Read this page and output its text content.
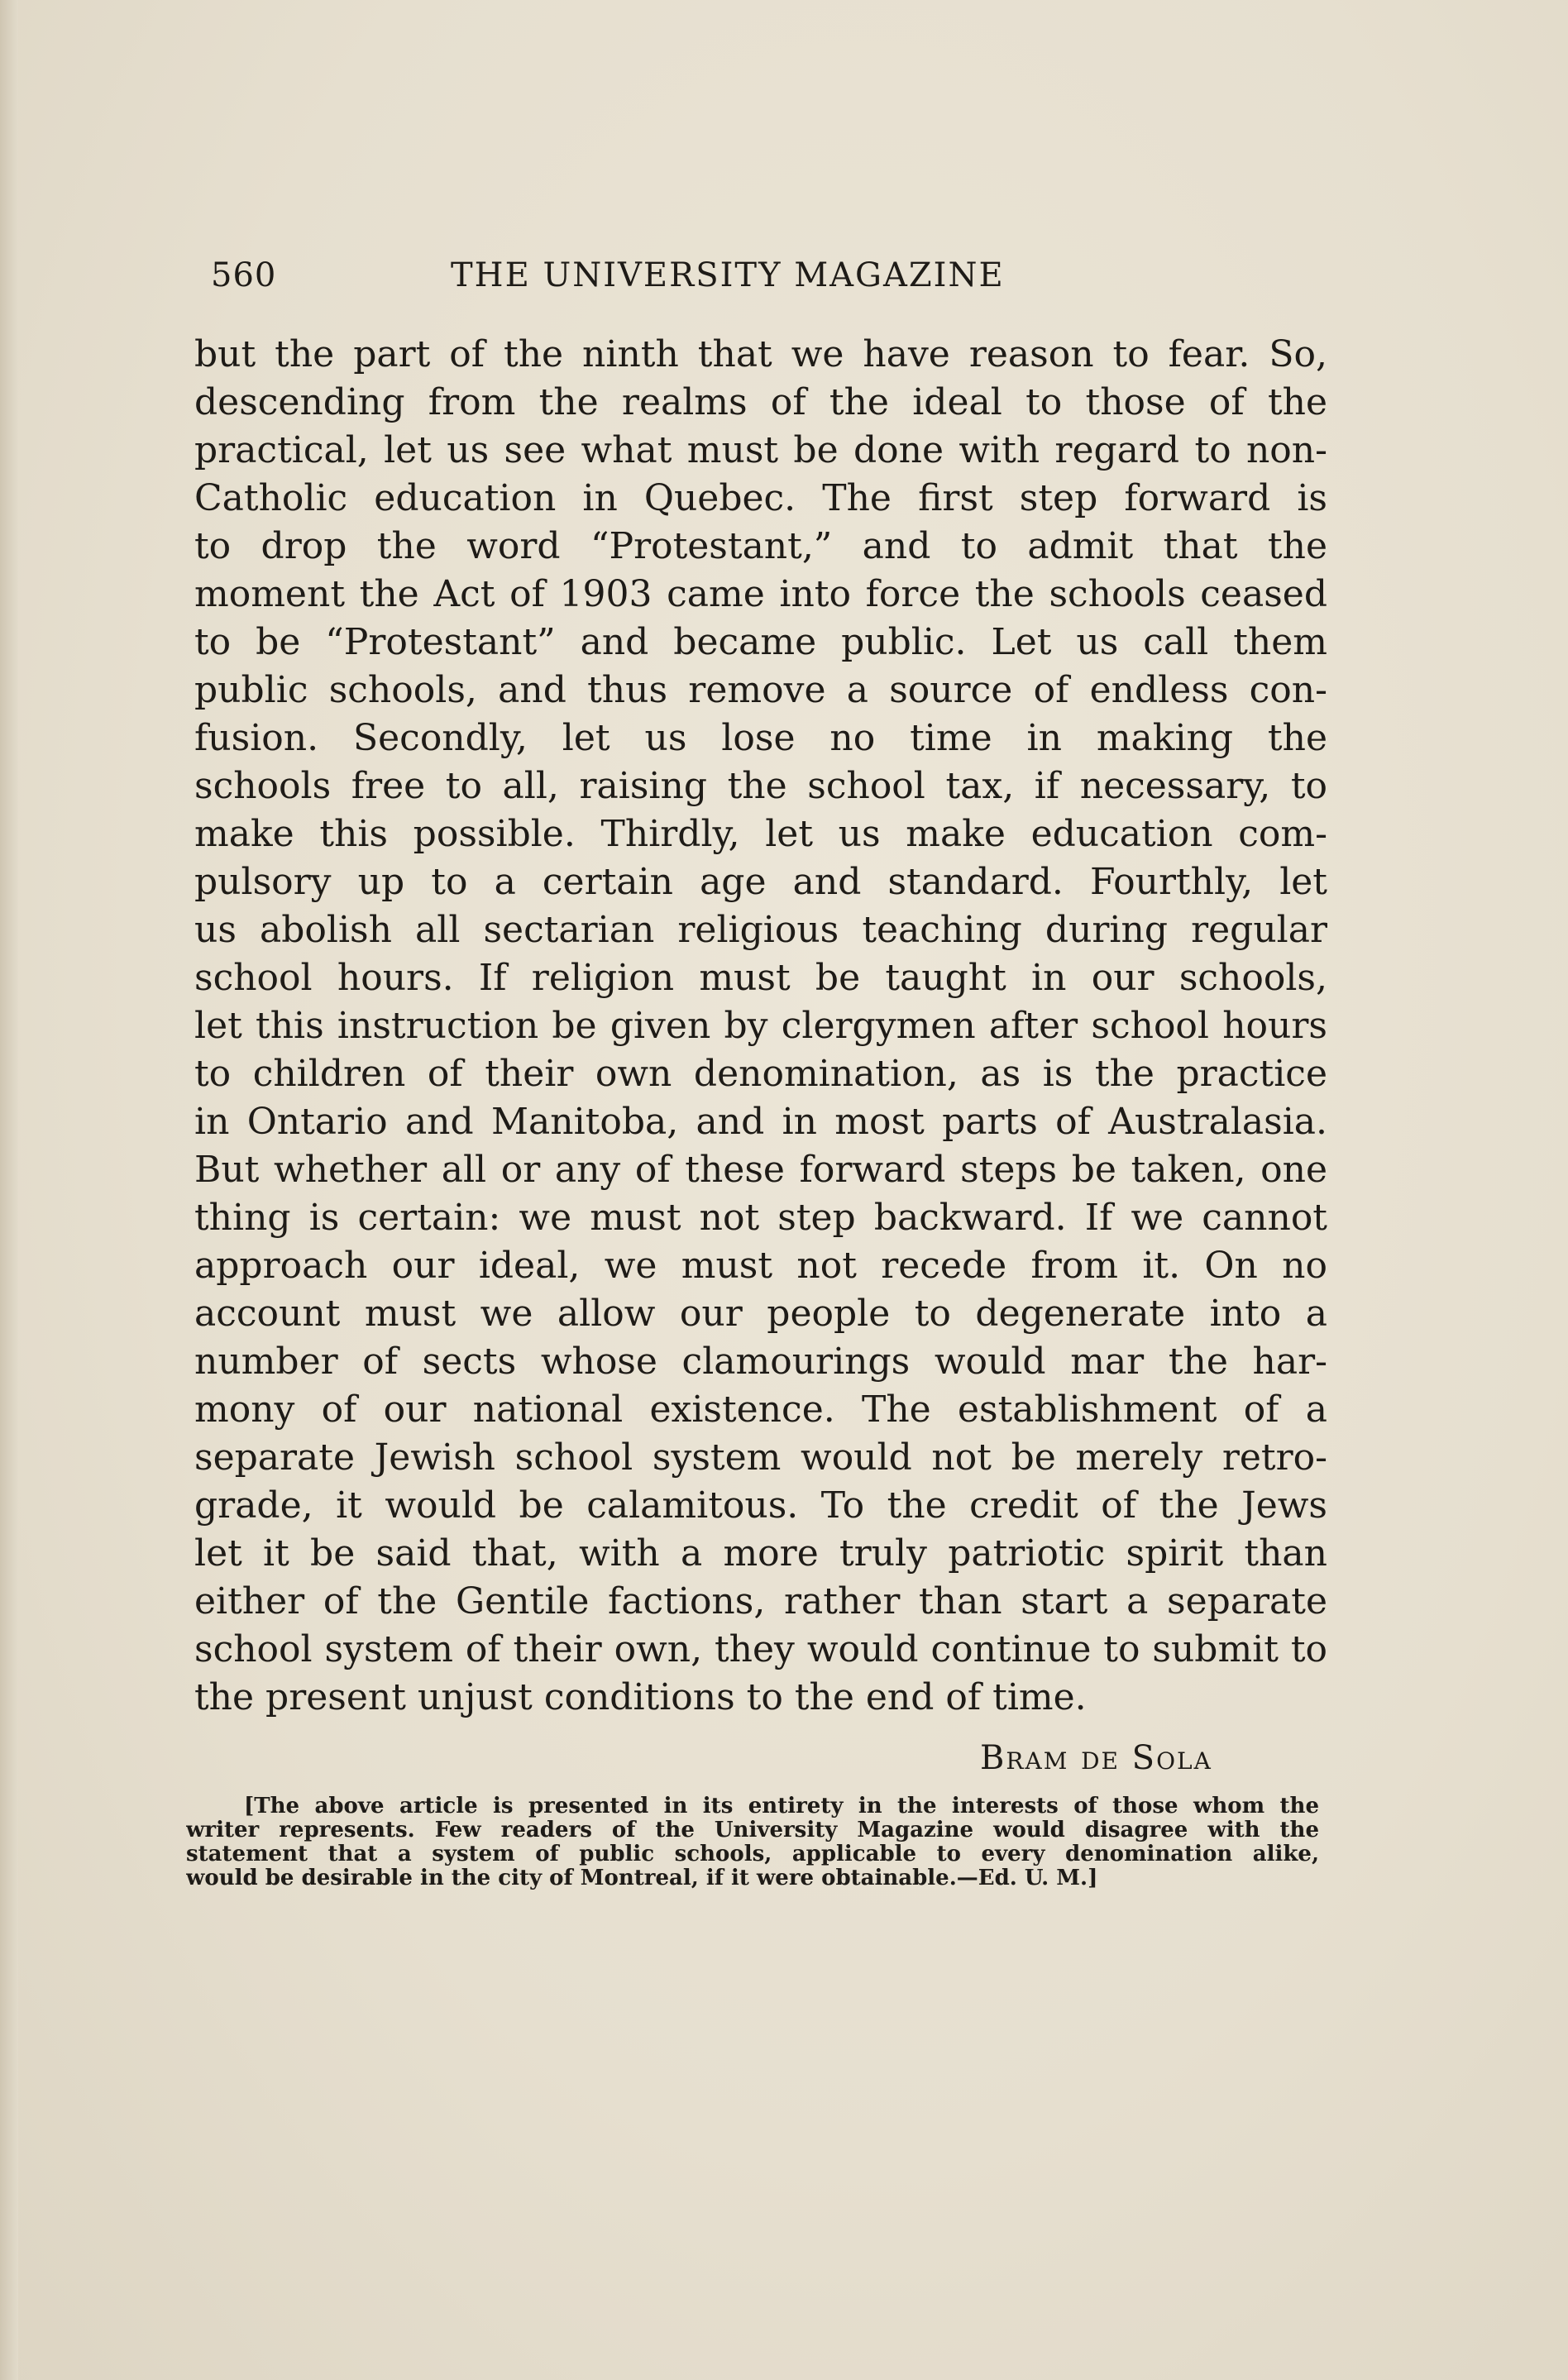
560	THE UNIVERSITY MAGAZINE
but the part of the ninth that we have reason to fear. So,
descending from the realms of the ideal to those of the
practical, let us see what must be done with regard to non-
Catholic education in Quebec. The first step forward is
to drop the word “Protestant,” and to admit that the
moment the Act of 1903 came into force the schools ceased
to be “Protestant” and became public. Let us call them
public schools, and thus remove a source of endless con-
fusion. Secondly, let us lose no time in making the
schools free to all, raising the school tax, if necessary, to
make this possible. Thirdly, let us make education com-
pulsory up to a certain age and standard. Fourthly, let
us abolish all sectarian religious teaching during regular
school hours. If religion must be taught in our schools,
let this instruction be given by clergymen after school hours
to children of their own denomination, as is the practice
in Ontario and Manitoba, and in most parts of Australasia.
But whether all or any of these forward steps be taken, one
thing is certain: we must not step backward. If we cannot
approach our ideal, we must not recede from it. On no
account must we allow our people to degenerate into a
number of sects whose clamourings would mar the har-
mony of our national existence. The establishment of a
separate Jewish school system would not be merely retro-
grade, it would be calamitous. To the credit of the Jews
let it be said that, with a more truly patriotic spirit than
either of the Gentile factions, rather than start a separate
school system of their own, they would continue to submit to
the present unjust conditions to the end of time.
Bram de Sola
[The above article is presented in its entirety in the interests of those whom the
writer represents. Few readers of the University Magazine would disagree with the
statement that a system of public schools, applicable to every denomination alike,
would be desirable in the city of Montreal, if it were obtainable.—Ed. U. M.]
